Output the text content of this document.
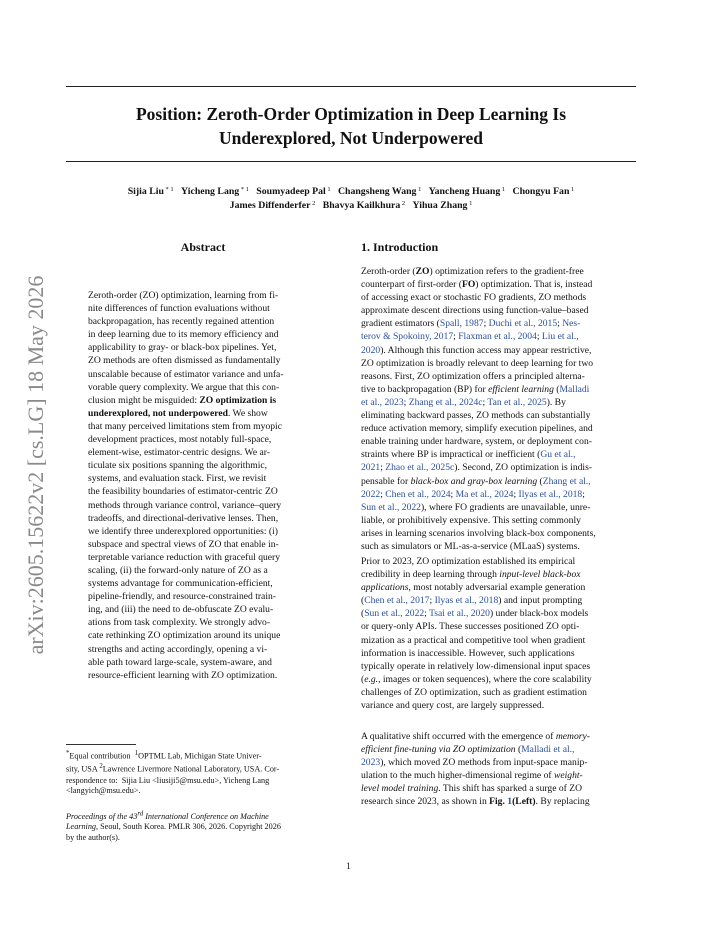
Position: Zeroth-Order Optimization in Deep Learning Is
Underexplored, Not Underpowered
Sijia Liu $^{* 1}$ Yicheng Lang $^{* 1}$ Soumyadeep Pal $^1$ Changsheng Wang $^1$ Yancheng Huang $^1$ Chongyu Fan $^1$
James Diffenderfer $^2$ Bhavya Kailkhura $^2$ Yihua Zhang $^1$
arXiv:2605.15622v2 [cs.LG] 18 May 2026
Abstract
Zeroth-order (ZO) optimization, learning from fi-
nite differences of function evaluations without
backpropagation, has recently regained attention
in deep learning due to its memory efficiency and
applicability to gray- or black-box pipelines. Yet,
ZO methods are often dismissed as fundamentally
unscalable because of estimator variance and unfa-
vorable query complexity. We argue that this con-
clusion might be misguided: ZO optimization is
underexplored, not underpowered. We show
that many perceived limitations stem from myopic
development practices, most notably full-space,
element-wise, estimator-centric designs. We ar-
ticulate six positions spanning the algorithmic,
systems, and evaluation stack. First, we revisit
the feasibility boundaries of estimator-centric ZO
methods through variance control, variance–query
tradeoffs, and directional-derivative lenses. Then,
we identify three underexplored opportunities: (i)
subspace and spectral views of ZO that enable in-
terpretable variance reduction with graceful query
scaling, (ii) the forward-only nature of ZO as a
systems advantage for communication-efficient,
pipeline-friendly, and resource-constrained train-
ing, and (iii) the need to de-obfuscate ZO evalu-
ations from task complexity. We strongly advo-
cate rethinking ZO optimization around its unique
strengths and acting accordingly, opening a vi-
able path toward large-scale, system-aware, and
resource-efficient learning with ZO optimization.
1. Introduction
Zeroth-order (ZO) optimization refers to the gradient-free
counterpart of first-order (FO) optimization. That is, instead
of accessing exact or stochastic FO gradients, ZO methods
approximate descent directions using function-value–based
gradient estimators (Spall, 1987; Duchi et al., 2015; Nes-
terov & Spokoiny, 2017; Flaxman et al., 2004; Liu et al.,
2020). Although this function access may appear restrictive,
ZO optimization is broadly relevant to deep learning for two
reasons. First, ZO optimization offers a principled alterna-
tive to backpropagation (BP) for efficient learning (Malladi
et al., 2023; Zhang et al., 2024c; Tan et al., 2025). By
eliminating backward passes, ZO methods can substantially
reduce activation memory, simplify execution pipelines, and
enable training under hardware, system, or deployment con-
straints where BP is impractical or inefficient (Gu et al.,
2021; Zhao et al., 2025c). Second, ZO optimization is indis-
pensable for black-box and gray-box learning (Zhang et al.,
2022; Chen et al., 2024; Ma et al., 2024; Ilyas et al., 2018;
Sun et al., 2022), where FO gradients are unavailable, unre-
liable, or prohibitively expensive. This setting commonly
arises in learning scenarios involving black-box components,
such as simulators or ML-as-a-service (MLaaS) systems.
Prior to 2023, ZO optimization established its empirical
credibility in deep learning through input-level black-box
applications, most notably adversarial example generation
(Chen et al., 2017; Ilyas et al., 2018) and input prompting
(Sun et al., 2022; Tsai et al., 2020) under black-box models
or query-only APIs. These successes positioned ZO opti-
mization as a practical and competitive tool when gradient
information is inaccessible. However, such applications
typically operate in relatively low-dimensional input spaces
(e.g., images or token sequences), where the core scalability
challenges of ZO optimization, such as gradient estimation
variance and query cost, are largely suppressed.
A qualitative shift occurred with the emergence of memory-
efficient fine-tuning via ZO optimization (Malladi et al.,
2023), which moved ZO methods from input-space manip-
ulation to the much higher-dimensional regime of weight-
level model training. This shift has sparked a surge of ZO
research since 2023, as shown in Fig. 1(Left). By replacing
*Equal contribution  $^1$OPTML Lab, Michigan State Univer-
sity, USA $^2$Lawrence Livermore National Laboratory, USA. Cor-
respondence to:  Sijia Liu <liusiji5@msu.edu>, Yicheng Lang
<langyich@msu.edu>.
Proceedings of the 43rd International Conference on Machine
Learning, Seoul, South Korea. PMLR 306, 2026. Copyright 2026
by the author(s).
1
